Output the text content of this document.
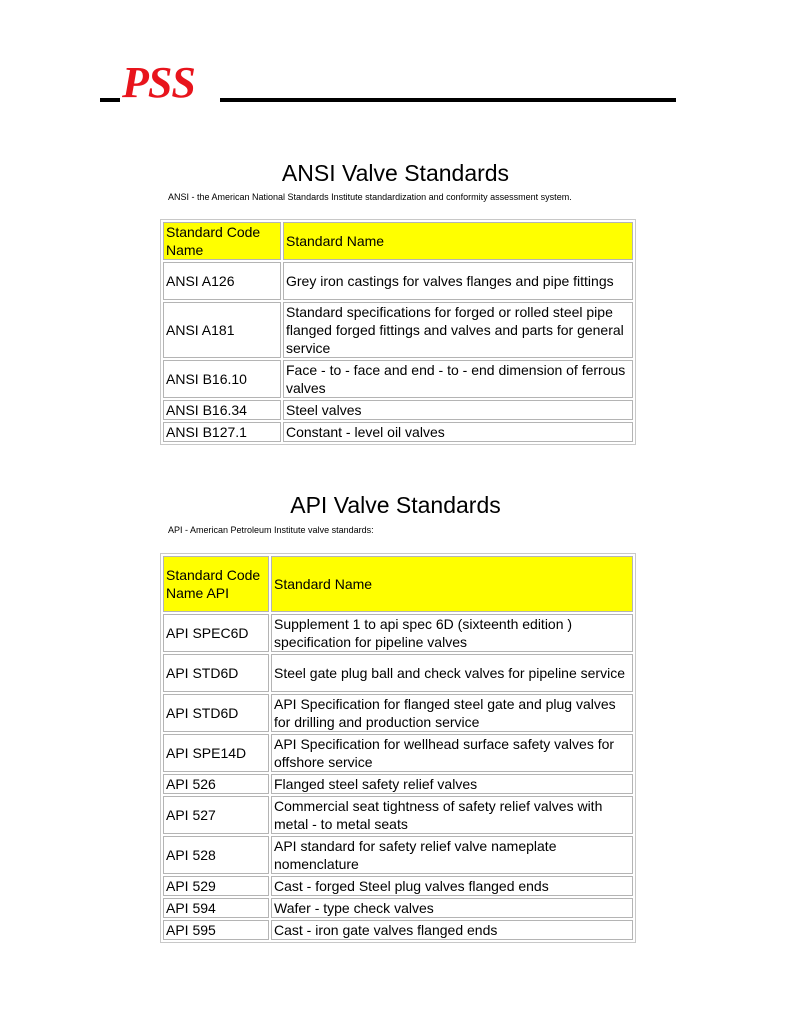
PSS
ANSI Valve Standards
ANSI - the American National Standards Institute standardization and conformity assessment system.
Standard Code Name	Standard Name
ANSI A126	Grey iron castings for valves flanges and pipe fittings
ANSI A181	Standard specifications for forged or rolled steel pipe flanged forged fittings and valves and parts for general service
ANSI B16.10	Face - to - face and end - to - end dimension of ferrous valves
ANSI B16.34	Steel valves
ANSI B127.1	Constant - level oil valves
API Valve Standards
API - American Petroleum Institute valve standards:
Standard Code Name API	Standard Name
API SPEC6D	Supplement 1 to api spec 6D (sixteenth edition ) specification for pipeline valves
API STD6D	Steel gate plug ball and check valves for pipeline service
API STD6D	API Specification for flanged steel gate and plug valves for drilling and production service
API SPE14D	API Specification for wellhead surface safety valves for offshore service
API 526	Flanged steel safety relief valves
API 527	Commercial seat tightness of safety relief valves with metal - to metal seats
API 528	API standard for safety relief valve nameplate nomenclature
API 529	Cast - forged Steel plug valves flanged ends
API 594	Wafer - type check valves
API 595	Cast - iron gate valves flanged ends
